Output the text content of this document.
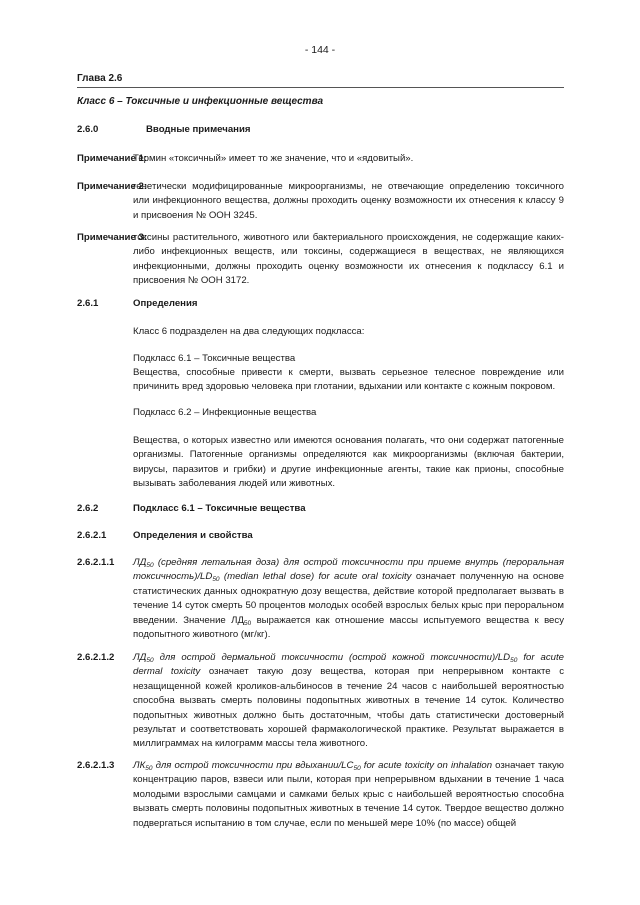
- 144 -
Глава 2.6
Класс 6 – Токсичные и инфекционные вещества
2.6.0	Вводные примечания
Примечание 1:
Термин «токсичный» имеет то же значение, что и «ядовитый».
Примечание 2:
генетически модифицированные микроорганизмы, не отвечающие определению токсичного или инфекционного вещества, должны проходить оценку возможности их отнесения к классу 9 и присвоения № ООН 3245.
Примечание 3:
токсины растительного, животного или бактериального происхождения, не содержащие каких-либо инфекционных веществ, или токсины, содержащиеся в веществах, не являющихся инфекционными, должны проходить оценку возможности их отнесения к подклассу 6.1 и присвоения № ООН 3172.
2.6.1	Определения
Класс 6 подразделен на два следующих подкласса:
Подкласс 6.1 – Токсичные вещества
Вещества, способные привести к смерти, вызвать серьезное телесное повреждение или причинить вред здоровью человека при глотании, вдыхании или контакте с кожным покровом.
Подкласс 6.2 – Инфекционные вещества
Вещества, о которых известно или имеются основания полагать, что они содержат патогенные организмы. Патогенные организмы определяются как микроорганизмы (включая бактерии, вирусы, паразитов и грибки) и другие инфекционные агенты, такие как прионы, способные вызывать заболевания людей или животных.
2.6.2	Подкласс 6.1 – Токсичные вещества
2.6.2.1	Определения и свойства
2.6.2.1.1 $ЛД_{50}$ (средняя летальная доза) для острой токсичности при приеме внутрь (пероральная $токсичность)/LD_{50}$ (median lethal dose) for acute oral toxicity означает полученную на основе статистических данных однократную дозу вещества, действие которой предполагает вызвать в течение 14 суток смерть 50 процентов молодых особей взрослых белых крыс при пероральном введении. Значение $ЛД_{50}$ выражается как отношение массы испытуемого вещества к весу подопытного животного (мг/кг).
2.6.2.1.2 $ЛД_{50}$ для острой дермальной токсичности (острой кожной $токсичности)/LD_{50}$ for acute dermal toxicity означает такую дозу вещества, которая при непрерывном контакте с незащищенной кожей кроликов-альбиносов в течение 24 часов с наибольшей вероятностью способна вызвать смерть половины подопытных животных в течение 14 суток. Количество подопытных животных должно быть достаточным, чтобы дать статистически достоверный результат и соответствовать хорошей фармакологической практике. Результат выражается в миллиграммах на килограмм массы тела животного.
2.6.2.1.3 $ЛК_{50}$ для острой токсичности при вдыхании/$LC_{50}$ for acute toxicity on inhalation означает такую концентрацию паров, взвеси или пыли, которая при непрерывном вдыхании в течение 1 часа молодыми взрослыми самцами и самками белых крыс с наибольшей вероятностью способна вызвать смерть половины подопытных животных в течение 14 суток. Твердое вещество должно подвергаться испытанию в том случае, если по меньшей мере 10% (по массе) общей
